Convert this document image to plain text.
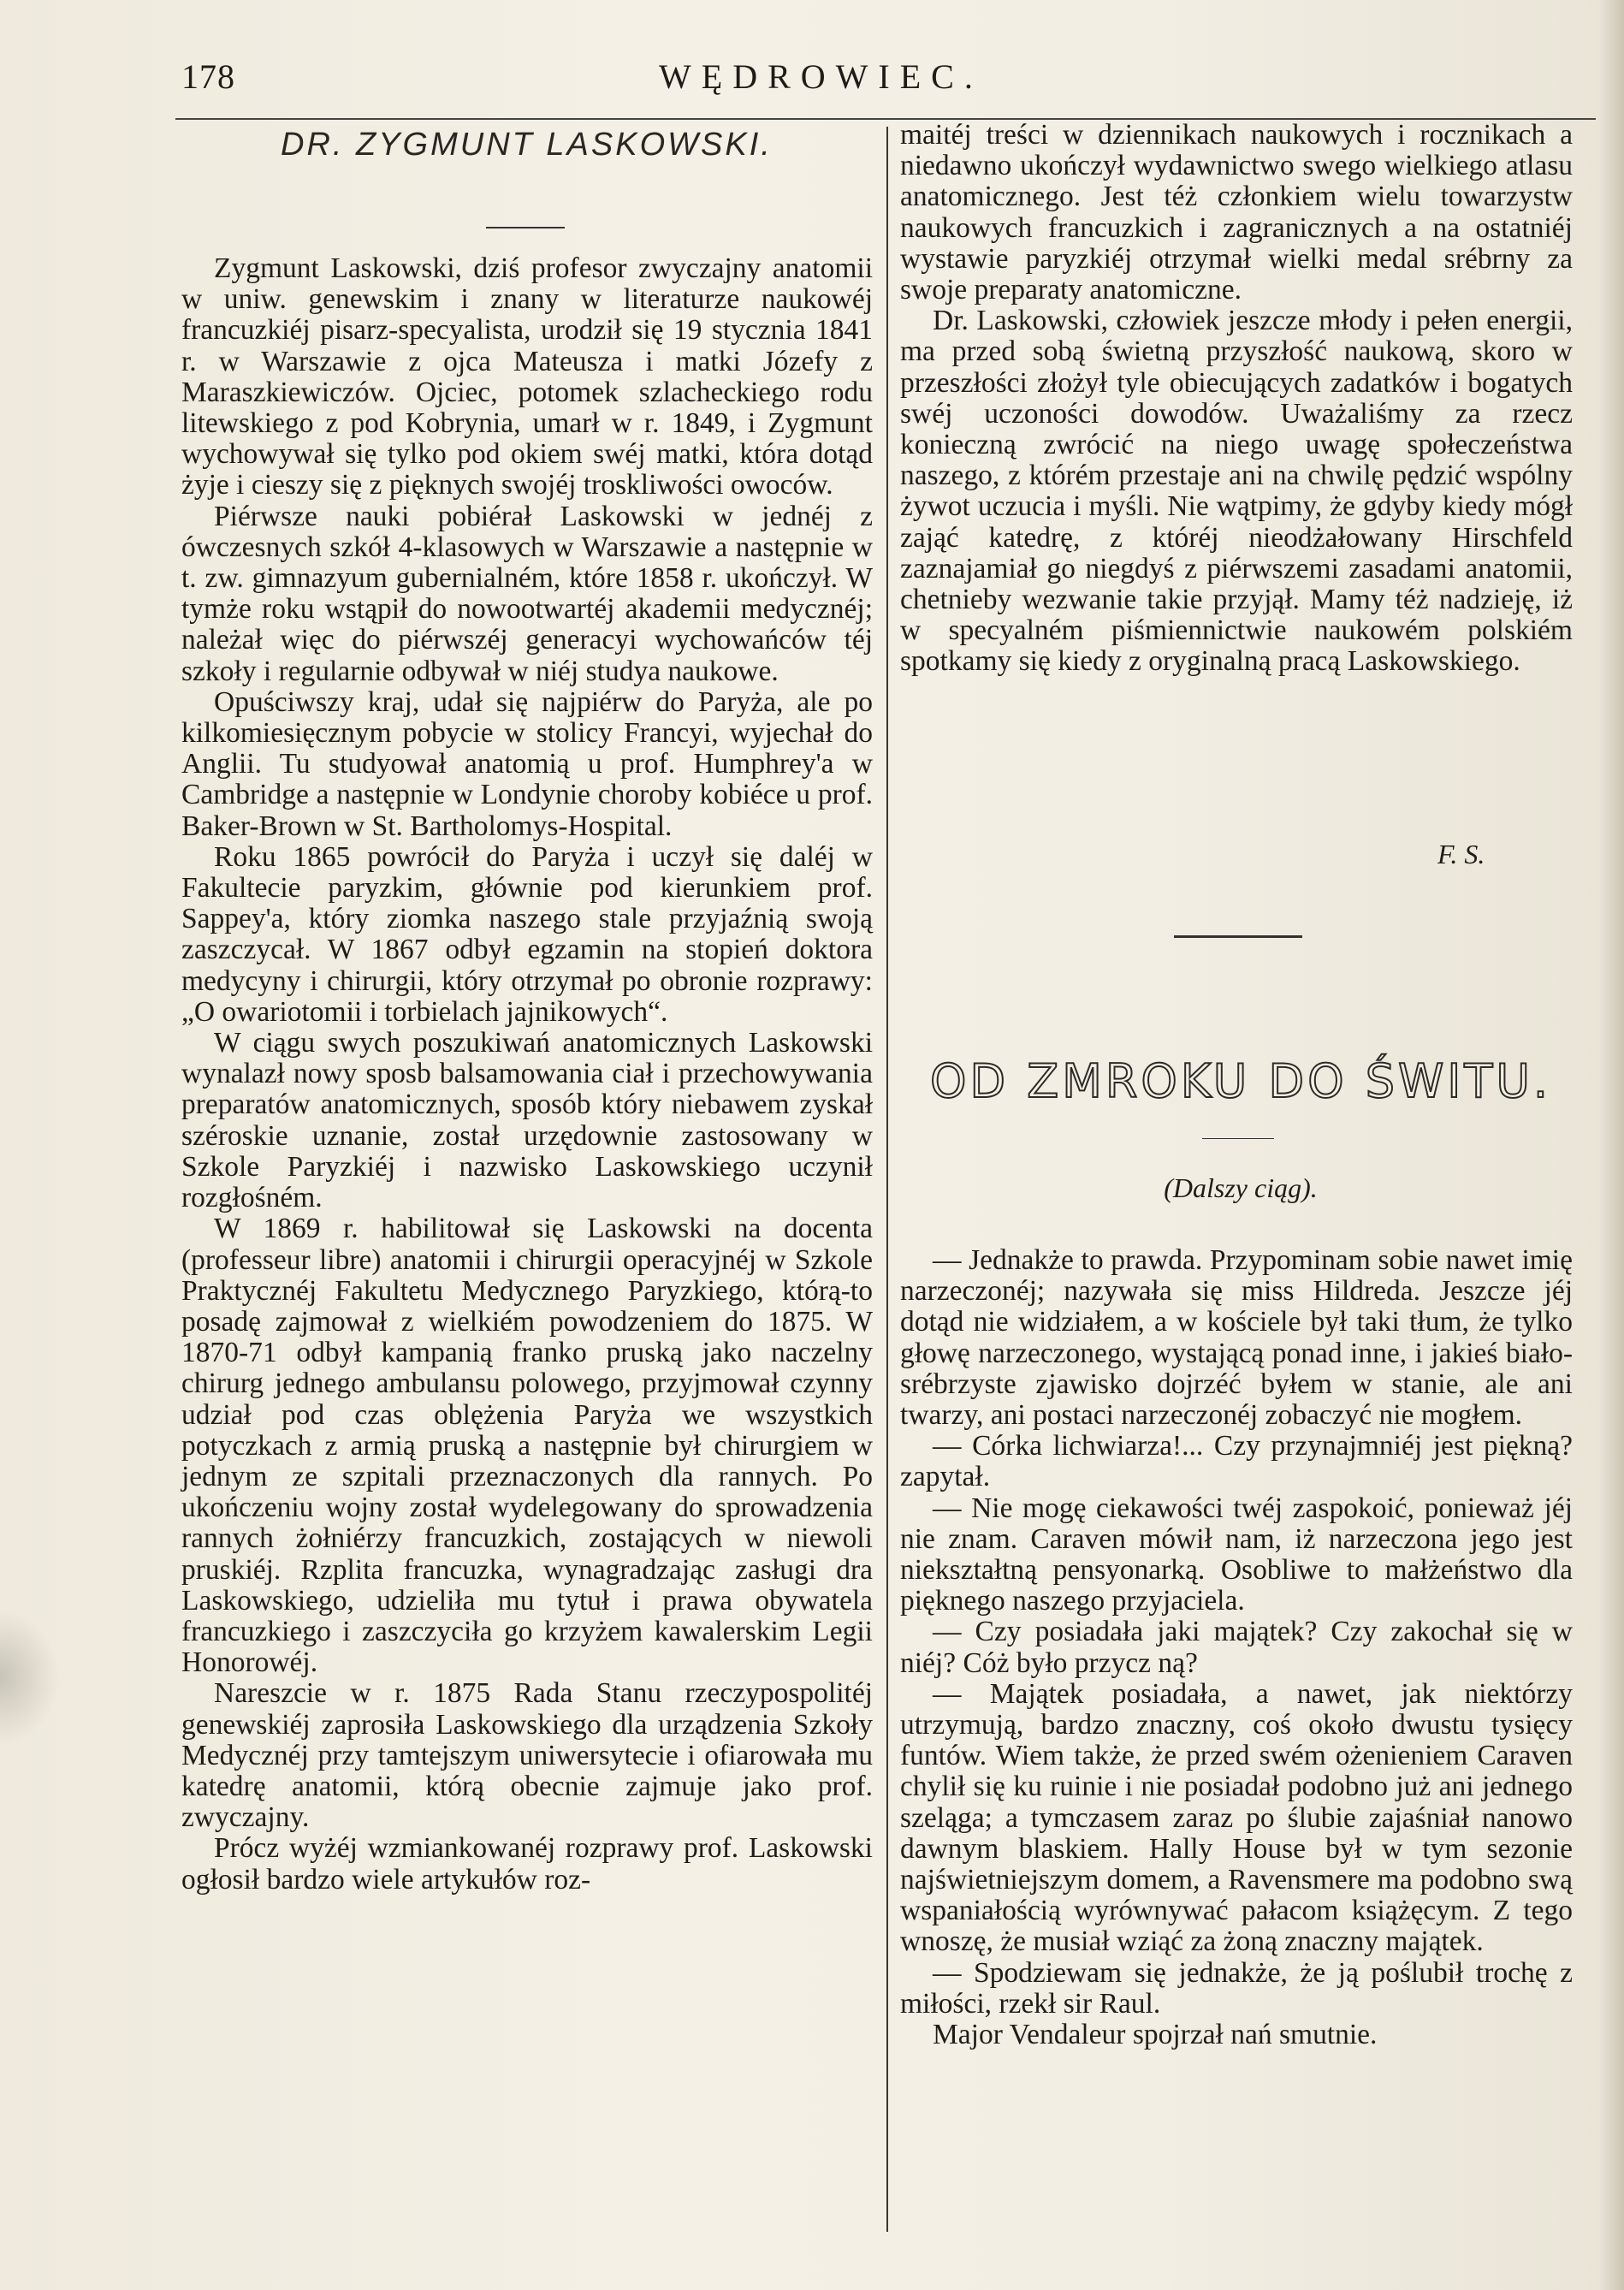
178	WĘDROWIEC.
DR. ZYGMUNT LASKOWSKI.

Zygmunt Laskowski, dziś profesor zwyczajny anatomii w uniw. genewskim i znany w literaturze naukowéj francuzkiéj pisarz-specyalista, urodził się 19 stycznia 1841 r. w Warszawie z ojca Mateusza i matki Józefy z Maraszkiewiczów. Ojciec, potomek szlacheckiego rodu litewskiego z pod Kobrynia, umarł w r. 1849, i Zygmunt wychowywał się tylko pod okiem swéj matki, która dotąd żyje i cieszy się z pięknych swojéj troskliwości owoców.

Piérwsze nauki pobiérał Laskowski w jednéj z ówczesnych szkół 4-klasowych w Warszawie a następnie w t. zw. gimnazyum gubernialném, które 1858 r. ukończył. W tymże roku wstąpił do nowootwartéj akademii medycznéj; należał więc do piérwszéj generacyi wychowańców téj szkoły i regularnie odbywał w niéj studya naukowe.

Opuściwszy kraj, udał się najpiérw do Paryża, ale po kilkomiesięcznym pobycie w stolicy Francyi, wyjechał do Anglii. Tu studyował anatomią u prof. Humphrey'a w Cambridge a następnie w Londynie choroby kobiéce u prof. Baker-Brown w St. Bartholomys-Hospital.

Roku 1865 powrócił do Paryża i uczył się daléj w Fakultecie paryzkim, głównie pod kierunkiem prof. Sappey'a, który ziomka naszego stale przyjaźnią swoją zaszczycał. W 1867 odbył egzamin na stopień doktora medycyny i chirurgii, który otrzymał po obronie rozprawy: „O owariotomii i torbielach jajnikowych“.

W ciągu swych poszukiwań anatomicznych Laskowski wynalazł nowy sposb balsamowania ciał i przechowywania preparatów anatomicznych, sposób który niebawem zyskał széroskie uznanie, został urzędownie zastosowany w Szkole Paryzkiéj i nazwisko Laskowskiego uczynił rozgłośném.

W 1869 r. habilitował się Laskowski na docenta (professeur libre) anatomii i chirurgii operacyjnéj w Szkole Praktycznéj Fakultetu Medycznego Paryzkiego, którą-to posadę zajmował z wielkiém powodzeniem do 1875. W 1870-71 odbył kampanią franko pruską jako naczelny chirurg jednego ambulansu polowego, przyjmował czynny udział pod czas oblężenia Paryża we wszystkich potyczkach z armią pruską a następnie był chirurgiem w jednym ze szpitali przeznaczonych dla rannych. Po ukończeniu wojny został wydelegowany do sprowadzenia rannych żołniérzy francuzkich, zostających w niewoli pruskiéj. Rzplita francuzka, wynagradzając zasługi dra Laskowskiego, udzieliła mu tytuł i prawa obywatela francuzkiego i zaszczyciła go krzyżem kawalerskim Legii Honorowéj.

Nareszcie w r. 1875 Rada Stanu rzeczypospolitéj genewskiéj zaprosiła Laskowskiego dla urządzenia Szkoły Medycznéj przy tamtejszym uniwersytecie i ofiarowała mu katedrę anatomii, którą obecnie zajmuje jako prof. zwyczajny.

Prócz wyżéj wzmiankowanéj rozprawy prof. Laskowski ogłosił bardzo wiele artykułów roz-

maitéj treści w dziennikach naukowych i rocznikach a niedawno ukończył wydawnictwo swego wielkiego atlasu anatomicznego. Jest téż członkiem wielu towarzystw naukowych francuzkich i zagranicznych a na ostatniéj wystawie paryzkiéj otrzymał wielki medal srébrny za swoje preparaty anatomiczne.

Dr. Laskowski, człowiek jeszcze młody i pełen energii, ma przed sobą świetną przyszłość naukową, skoro w przeszłości złożył tyle obiecujących zadatków i bogatych swéj uczoności dowodów. Uważaliśmy za rzecz konieczną zwrócić na niego uwagę społeczeństwa naszego, z którém przestaje ani na chwilę pędzić wspólny żywot uczucia i myśli. Nie wątpimy, że gdyby kiedy mógł zająć katedrę, z któréj nieodżałowany Hirschfeld zaznajamiał go niegdyś z piérwszemi zasadami anatomii, chetnieby wezwanie takie przyjął. Mamy téż nadzieję, iż w specyalném piśmiennictwie naukowém polskiém spotkamy się kiedy z oryginalną pracą Laskowskiego.

F. S.
OD ZMROKU DO ŚWITU.
(Dalszy ciąg).

— Jednakże to prawda. Przypominam sobie nawet imię narzeczonéj; nazywała się miss Hildreda. Jeszcze jéj dotąd nie widziałem, a w kościele był taki tłum, że tylko głowę narzeczonego, wystającą ponad inne, i jakieś biało-srébrzyste zjawisko dojrzéć byłem w stanie, ale ani twarzy, ani postaci narzeczonéj zobaczyć nie mogłem.

— Córka lichwiarza!... Czy przynajmniéj jest piękną? zapytał.

— Nie mogę ciekawości twéj zaspokoić, ponieważ jéj nie znam. Caraven mówił nam, iż narzeczona jego jest niekształtną pensyonarką. Osobliwe to małżeństwo dla pięknego naszego przyjaciela.

— Czy posiadała jaki majątek? Czy zakochał się w niéj? Cóż było przycz ną?

— Majątek posiadała, a nawet, jak niektórzy utrzymują, bardzo znaczny, coś około dwustu tysięcy funtów. Wiem także, że przed swém ożenieniem Caraven chylił się ku ruinie i nie posiadał podobno już ani jednego szeląga; a tymczasem zaraz po ślubie zajaśniał nanowo dawnym blaskiem. Hally House był w tym sezonie najświetniejszym domem, a Ravensmere ma podobno swą wspaniałością wyrównywać pałacom książęcym. Z tego wnoszę, że musiał wziąć za żoną znaczny majątek.

— Spodziewam się jednakże, że ją poślubił trochę z miłości, rzekł sir Raul.

Major Vendaleur spojrzał nań smutnie.
